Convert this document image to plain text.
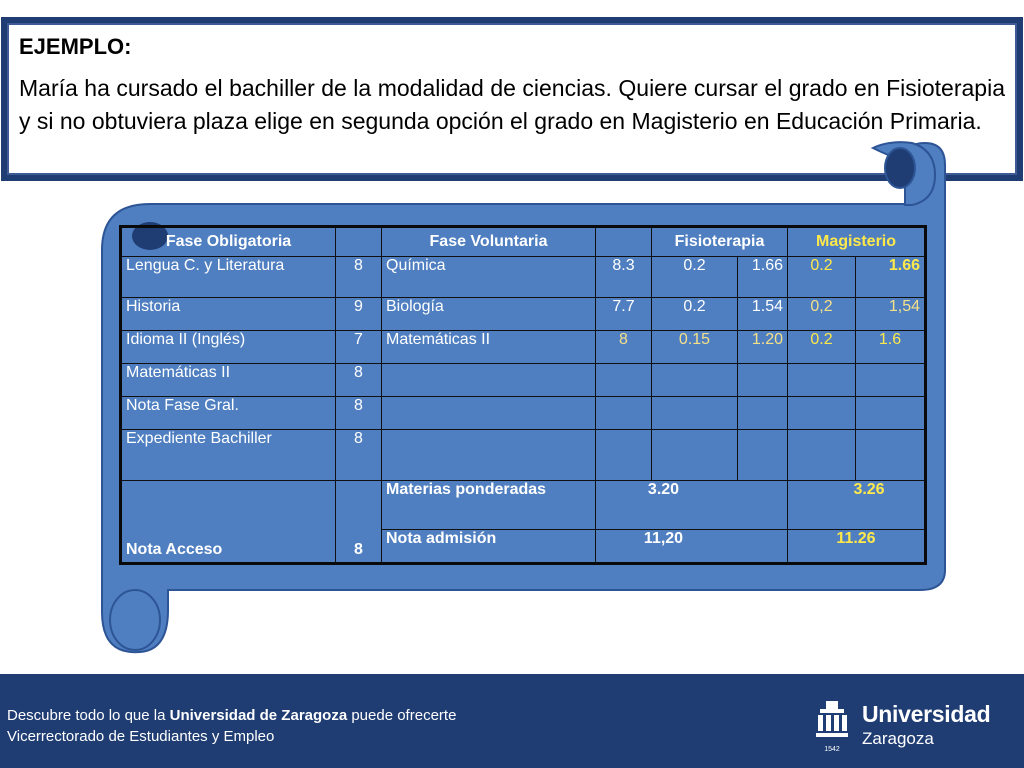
EJEMPLO:

María ha cursado el bachiller de la modalidad de ciencias. Quiere cursar el grado en Fisioterapia y si no obtuviera plaza elige en segunda opción el grado en Magisterio en Educación Primaria.

Fase Obligatoria		Fase Voluntaria		Fisioterapia		Magisterio	
Lengua C. y Literatura	8	Química	8.3	0.2	1.66	0.2	1.66
Historia	9	Biología	7.7	0.2	1.54	0,2	1,54
Idioma II (Inglés)	7	Matemáticas II	8	0.15	1.20	0.2	1.6
Matemáticas II	8						
Nota Fase Gral.	8						
Expediente Bachiller	8						
Nota Acceso	8	Materias ponderadas	3.20			3.26	
		Nota admisión	11,20			11.26	
Descubre todo lo que la Universidad de Zaragoza puede ofrecerte
Vicerrectorado de Estudiantes y Empleo
1542
Universidad
Zaragoza
